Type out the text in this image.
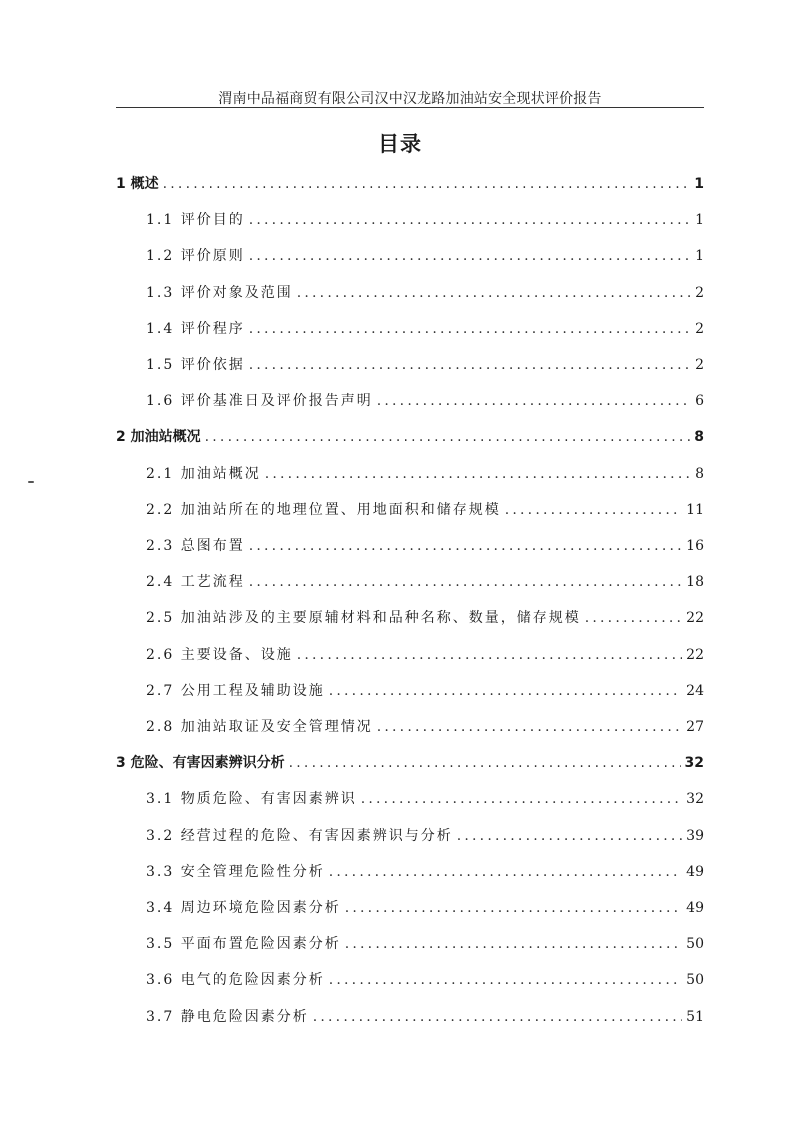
渭南中品福商贸有限公司汉中汉龙路加油站安全现状评价报告
目录
1 概述 .....	1
1.1 评价目的 .....	1
1.2 评价原则 .....	1
1.3 评价对象及范围 .....	2
1.4 评价程序 .....	2
1.5 评价依据 .....	2
1.6 评价基准日及评价报告声明 .....	6
2 加油站概况 .....	8
2.1 加油站概况 .....	8
2.2 加油站所在的地理位置、用地面积和储存规模 .....	11
2.3 总图布置 .....	16
2.4 工艺流程 .....	18
2.5 加油站涉及的主要原辅材料和品种名称、数量，储存规模 .....	22
2.6 主要设备、设施 .....	22
2.7 公用工程及辅助设施 .....	24
2.8 加油站取证及安全管理情况 .....	27
3 危险、有害因素辨识分析 .....	32
3.1 物质危险、有害因素辨识 .....	32
3.2 经营过程的危险、有害因素辨识与分析 .....	39
3.3 安全管理危险性分析 .....	49
3.4 周边环境危险因素分析 .....	49
3.5 平面布置危险因素分析 .....	50
3.6 电气的危险因素分析 .....	50
3.7 静电危险因素分析 .....	51
